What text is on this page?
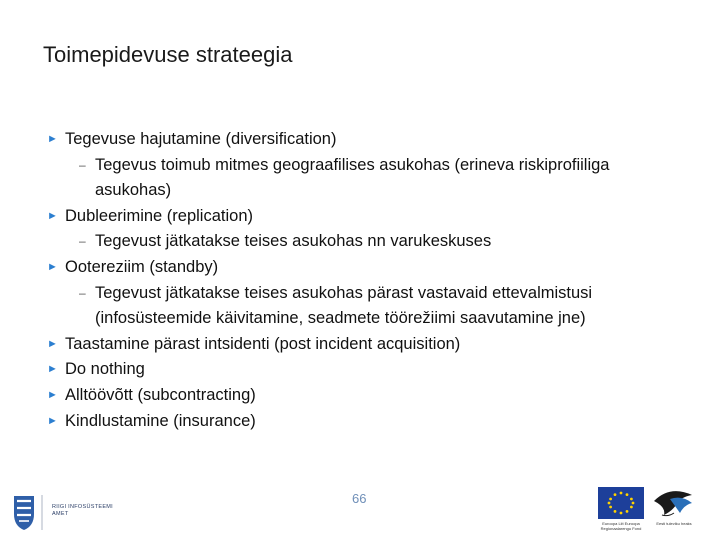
Toimepidevuse strateegia
► Tegevuse hajutamine (diversification)
– Tegevus toimub mitmes geograafilises asukohas (erineva riskiprofiiliga asukohas)
► Dubleerimine (replication)
– Tegevust jätkatakse teises asukohas nn varukeskuses
► Ootereziim (standby)
– Tegevust jätkatakse teises asukohas pärast vastavaid ettevalmistusi (infosüsteemide käivitamine, seadmete töörežiimi saavutamine jne)
► Taastamine pärast intsidenti (post incident acquisition)
► Do nothing
► Alltöövõtt (subcontracting)
► Kindlustamine (insurance)
66
RIIGI INFOSÜSTEEMI
AMET
Euroopa Liit Euroopa Regionaalarengu Fond
Eesti tuleviku heaks
